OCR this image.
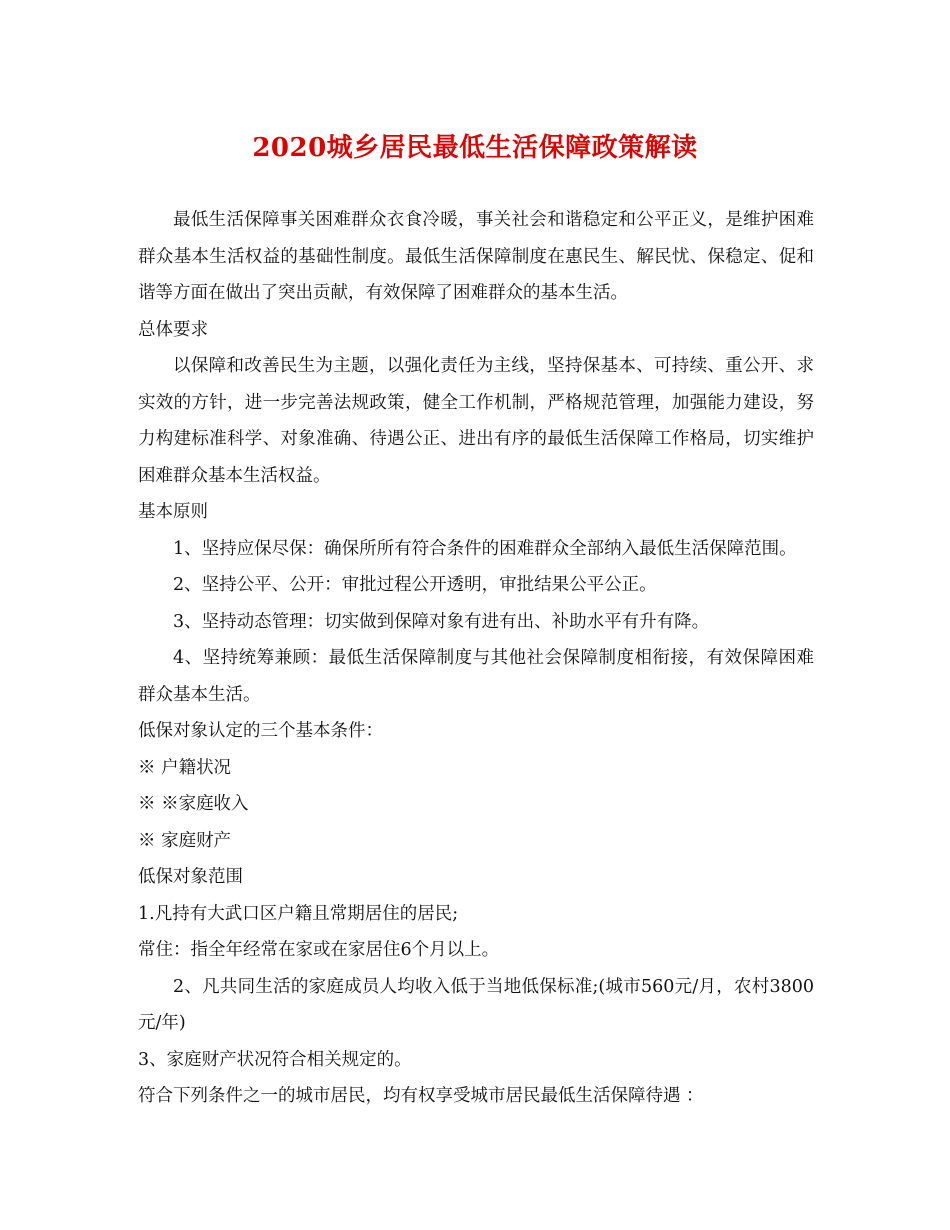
2020城乡居民最低生活保障政策解读

最低生活保障事关困难群众衣食冷暖，事关社会和谐稳定和公平正义，是维护困难群众基本生活权益的基础性制度。最低生活保障制度在惠民生、解民忧、保稳定、促和谐等方面在做出了突出贡献，有效保障了困难群众的基本生活。

总体要求

以保障和改善民生为主题，以强化责任为主线，坚持保基本、可持续、重公开、求实效的方针，进一步完善法规政策，健全工作机制，严格规范管理，加强能力建设，努力构建标准科学、对象准确、待遇公正、进出有序的最低生活保障工作格局，切实维护困难群众基本生活权益。

基本原则

1、坚持应保尽保：确保所所有符合条件的困难群众全部纳入最低生活保障范围。

2、坚持公平、公开：审批过程公开透明，审批结果公平公正。

3、坚持动态管理：切实做到保障对象有进有出、补助水平有升有降。

4、坚持统筹兼顾：最低生活保障制度与其他社会保障制度相衔接，有效保障困难群众基本生活。

低保对象认定的三个基本条件：

※ 户籍状况

※ ※家庭收入

※ 家庭财产

低保对象范围

1.凡持有大武口区户籍且常期居住的居民;

常住：指全年经常在家或在家居住6个月以上。

2、凡共同生活的家庭成员人均收入低于当地低保标准;(城市560元/月，农村3800元/年)

3、家庭财产状况符合相关规定的。

符合下列条件之一的城市居民，均有权享受城市居民最低生活保障待遇 ：
